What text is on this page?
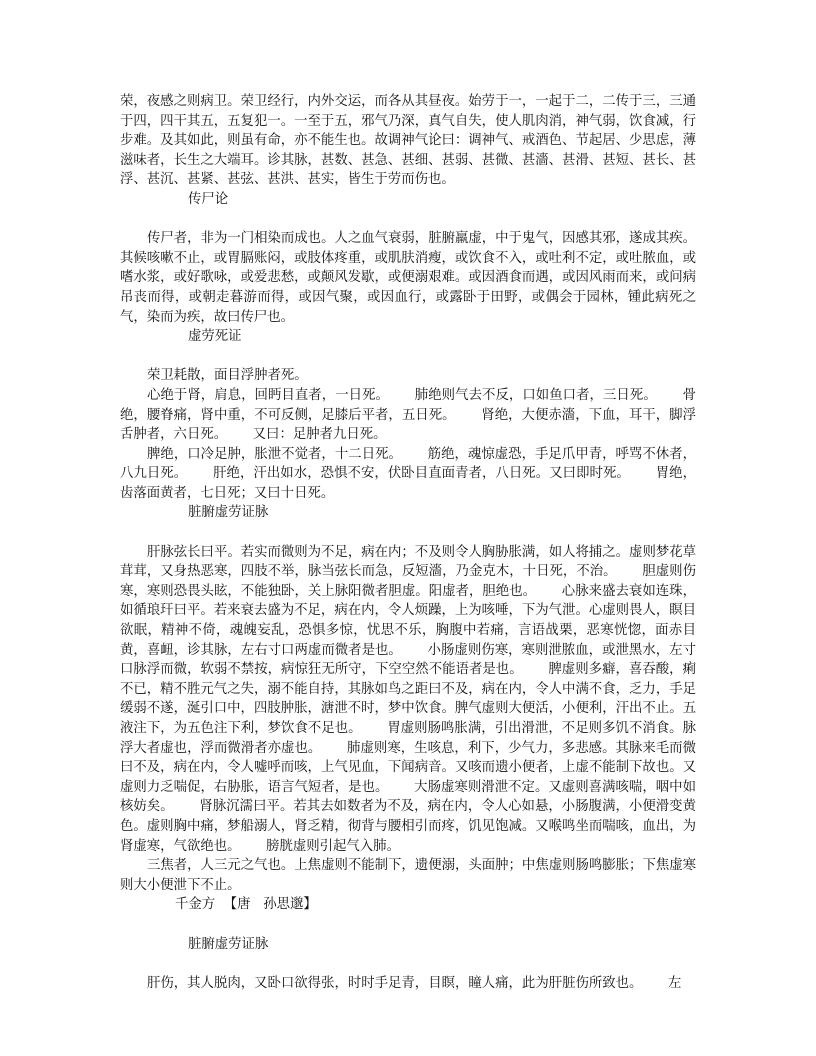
荣，夜感之则病卫。荣卫经行，内外交运，而各从其昼夜。始劳于一，一起于二，二传于三，三通于四，四干其五，五复犯一。一至于五，邪气乃深，真气自失，使人肌肉消，神气弱，饮食减，行步难。及其如此，则虽有命，亦不能生也。故调神气论曰：调神气、戒酒色、节起居、少思虑，薄滋味者，长生之大端耳。诊其脉，甚数、甚急、甚细、甚弱、甚微、甚濇、甚滑、甚短、甚长、甚浮、甚沉、甚紧、甚弦、甚洪、甚实，皆生于劳而伤也。

传尸论

传尸者，非为一门相染而成也。人之血气衰弱，脏腑羸虚，中于鬼气，因感其邪，遂成其疾。其候咳嗽不止，或胃膈账闷，或肢体疼重，或肌肤消瘦，或饮食不入，或吐利不定，或吐脓血，或嗜水浆，或好歌咏，或爱悲愁，或颠风发歇，或便溺艰难。或因酒食而遇，或因风雨而来，或问病吊丧而得，或朝走暮游而得，或因气聚，或因血行，或露卧于田野，或偶会于园林，锺此病死之气，染而为疾，故曰传尸也。

虚劳死证

荣卫耗散，面目浮肿者死。

心绝于肾，肩息，回眄目直者，一日死。      肺绝则气去不反，口如鱼口者，三日死。      骨绝，腰脊痛，肾中重，不可反侧，足膝后平者，五日死。      肾绝，大便赤濇，下血，耳干，脚浮舌肿者，六日死。      又曰：足肿者九日死。

脾绝，口冷足肿，胀泄不觉者，十二日死。      筋绝，魂惊虚恐，手足爪甲青，呼骂不休者，八九日死。      肝绝，汗出如水，恐惧不安，伏卧目直面青者，八日死。又曰即时死。      胃绝，齿落面黄者，七日死；又曰十日死。

脏腑虚劳证脉

肝脉弦长曰平。若实而微则为不足，病在内；不及则令人胸胁胀满，如人将捕之。虚则梦花草茸茸，又身热恶寒，四肢不举，脉当弦长而急，反短濇，乃金克木，十日死，不治。      胆虚则伤寒，寒则恐畏头眩，不能独卧，关上脉阳微者胆虚。阳虚者，胆绝也。      心脉来盛去衰如连珠，如循琅玕曰平。若来衰去盛为不足，病在内，令人烦躁，上为咳唾，下为气泄。心虚则畏人，瞑目欲眠，精神不倚，魂魄妄乱，恐惧多惊，忧思不乐，胸腹中若痛，言语战栗，恶寒恍惚，面赤目黄，喜衄，诊其脉，左右寸口两虚而微者是也。      小肠虚则伤寒，寒则泄脓血，或泄黑水，左寸口脉浮而微，软弱不禁按，病惊狂无所守，下空空然不能语者是也。      脾虚则多癖，喜吞酸，痢不已，精不胜元气之失，溺不能自持，其脉如鸟之距曰不及，病在内，令人中满不食，乏力，手足缓弱不遂，涎引口中，四肢肿胀，溏泄不时，梦中饮食。脾气虚则大便活，小便利，汗出不止。五液注下，为五色注下利，梦饮食不足也。      胃虚则肠鸣胀满，引出滑泄，不足则多饥不消食。脉浮大者虚也，浮而微滑者亦虚也。      肺虚则寒，生咳息，利下，少气力，多悲感。其脉来毛而微曰不及，病在内，令人嘘呼而咳，上气见血，下闻病音。又咳而遗小便者，上虚不能制下故也。又虚则力乏喘促，右胁胀，语言气短者，是也。      大肠虚寒则滑泄不定。又虚则喜满咳喘，咽中如核妨矣。      肾脉沉濡曰平。若其去如数者为不及，病在内，令人心如悬，小肠腹满，小便滑变黄色。虚则胸中痛，梦船溺人，肾乏精，彻背与腰相引而疼，饥见饱减。又喉鸣坐而喘咳，血出，为肾虚寒，气欲绝也。      膀胱虚则引起气入肺。

三焦者，人三元之气也。上焦虚则不能制下，遗便溺，头面肿；中焦虚则肠鸣膨胀；下焦虚寒则大小便泄下不止。

千金方  【唐   孙思邈】

脏腑虚劳证脉

肝伤，其人脱肉，又卧口欲得张，时时手足青，目瞑，瞳人痛，此为肝脏伤所致也。      左
